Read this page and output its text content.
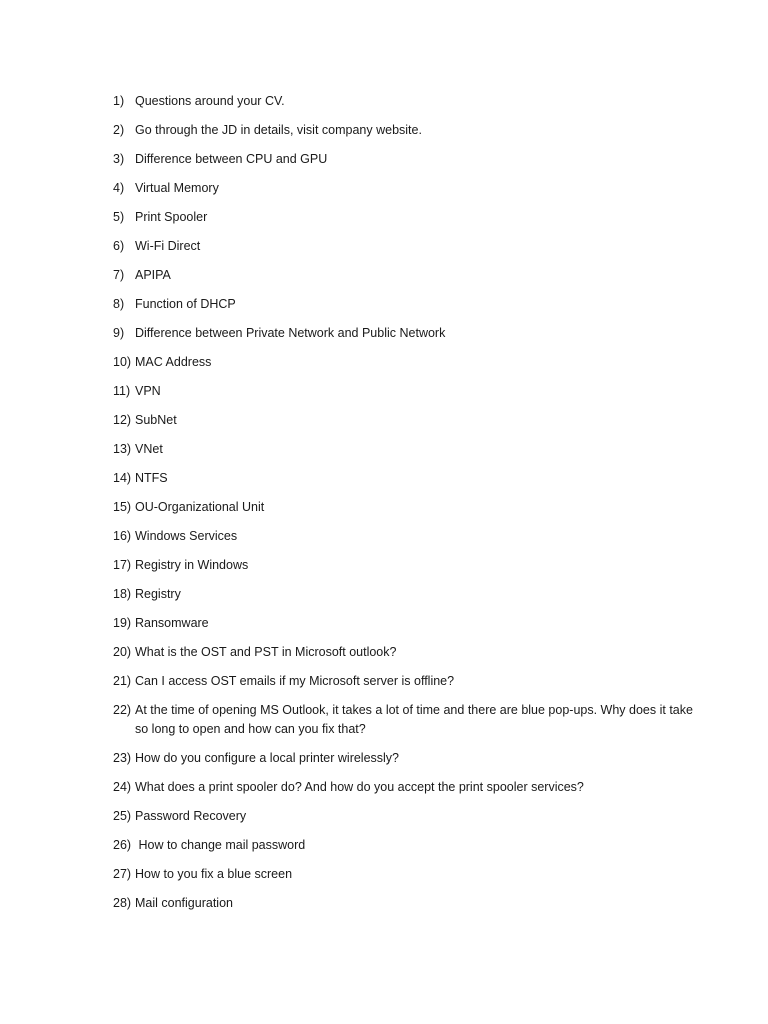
1) Questions around your CV.
2) Go through the JD in details, visit company website.
3) Difference between CPU and GPU
4) Virtual Memory
5) Print Spooler
6) Wi-Fi Direct
7) APIPA
8) Function of DHCP
9) Difference between Private Network and Public Network
10) MAC Address
11) VPN
12) SubNet
13) VNet
14) NTFS
15) OU-Organizational Unit
16) Windows Services
17) Registry in Windows
18) Registry
19) Ransomware
20) What is the OST and PST in Microsoft outlook?
21) Can I access OST emails if my Microsoft server is offline?
22) At the time of opening MS Outlook, it takes a lot of time and there are blue pop-ups. Why does it take so long to open and how can you fix that?
23) How do you configure a local printer wirelessly?
24) What does a print spooler do? And how do you accept the print spooler services?
25) Password Recovery
26) How to change mail password
27) How to you fix a blue screen
28) Mail configuration
